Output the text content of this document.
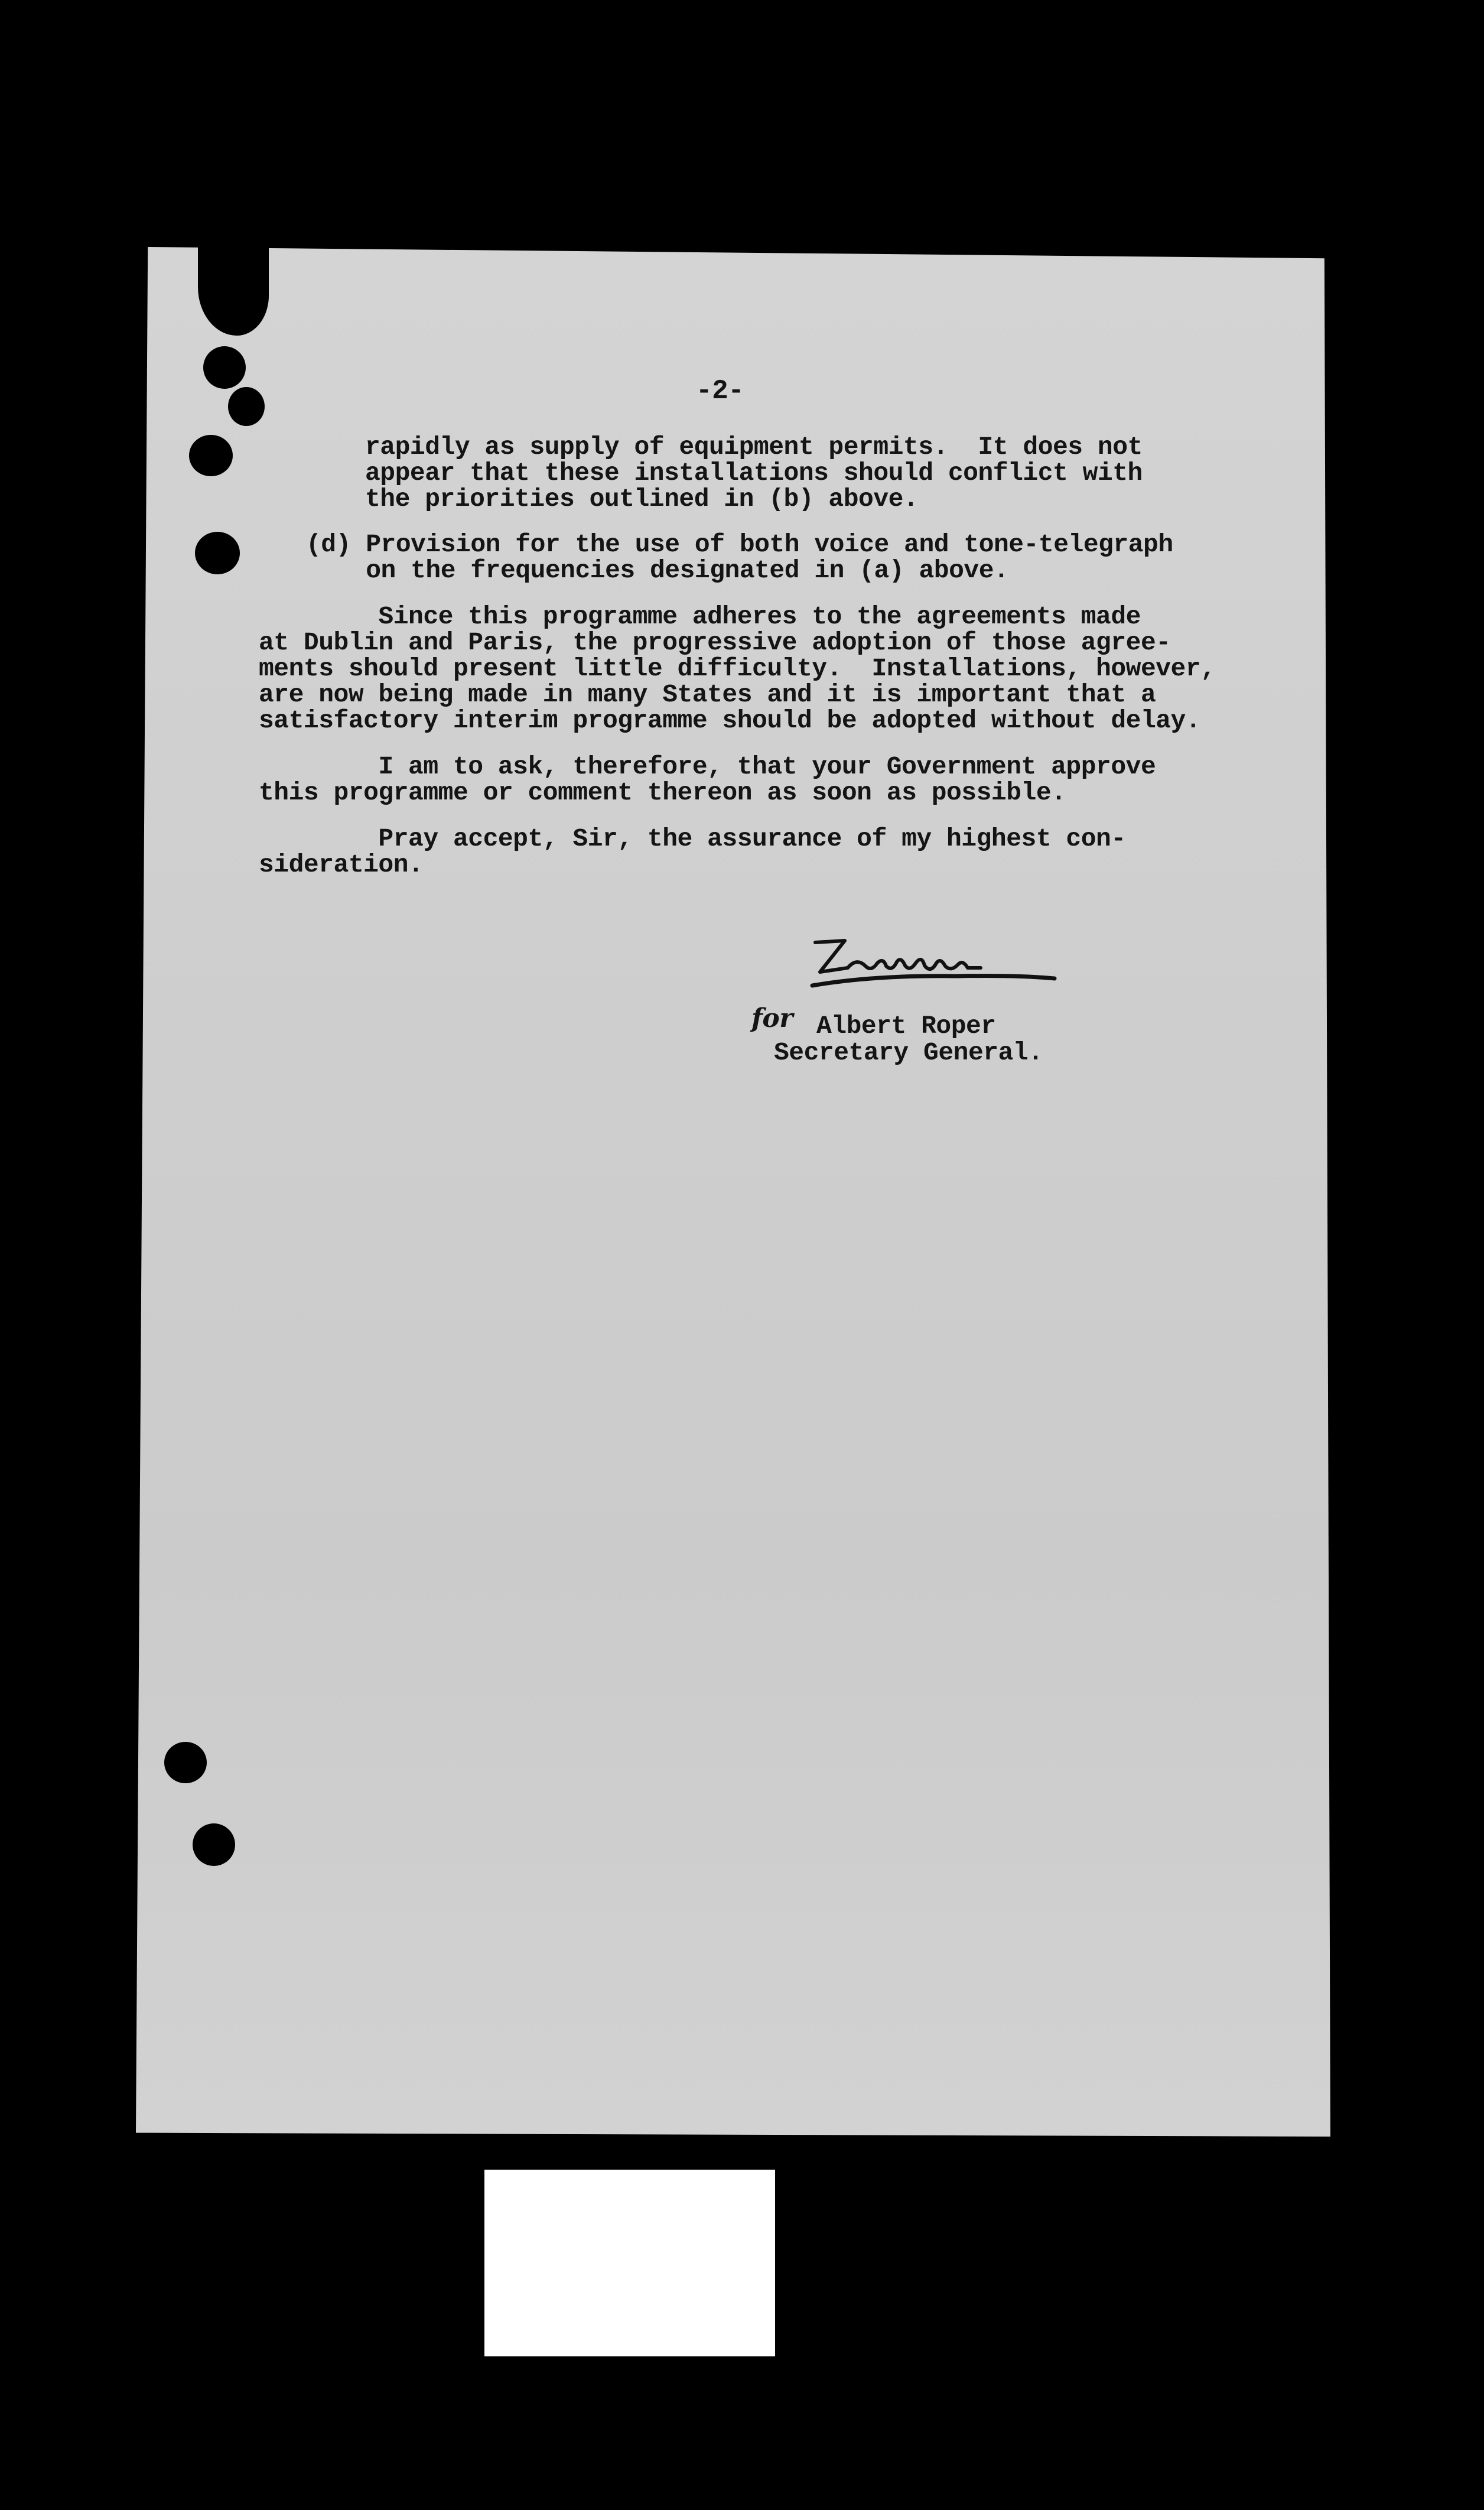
-2-
rapidly as supply of equipment permits.  It does not
appear that these installations should conflict with
the priorities outlined in (b) above.
(d) Provision for the use of both voice and tone-telegraph
on the frequencies designated in (a) above.
Since this programme adheres to the agreements made
at Dublin and Paris, the progressive adoption of those agree-
ments should present little difficulty.  Installations, however,
are now being made in many States and it is important that a
satisfactory interim programme should be adopted without delay.
I am to ask, therefore, that your Government approve
this programme or comment thereon as soon as possible.
Pray accept, Sir, the assurance of my highest con-
sideration.
for Albert Roper
Secretary General.
